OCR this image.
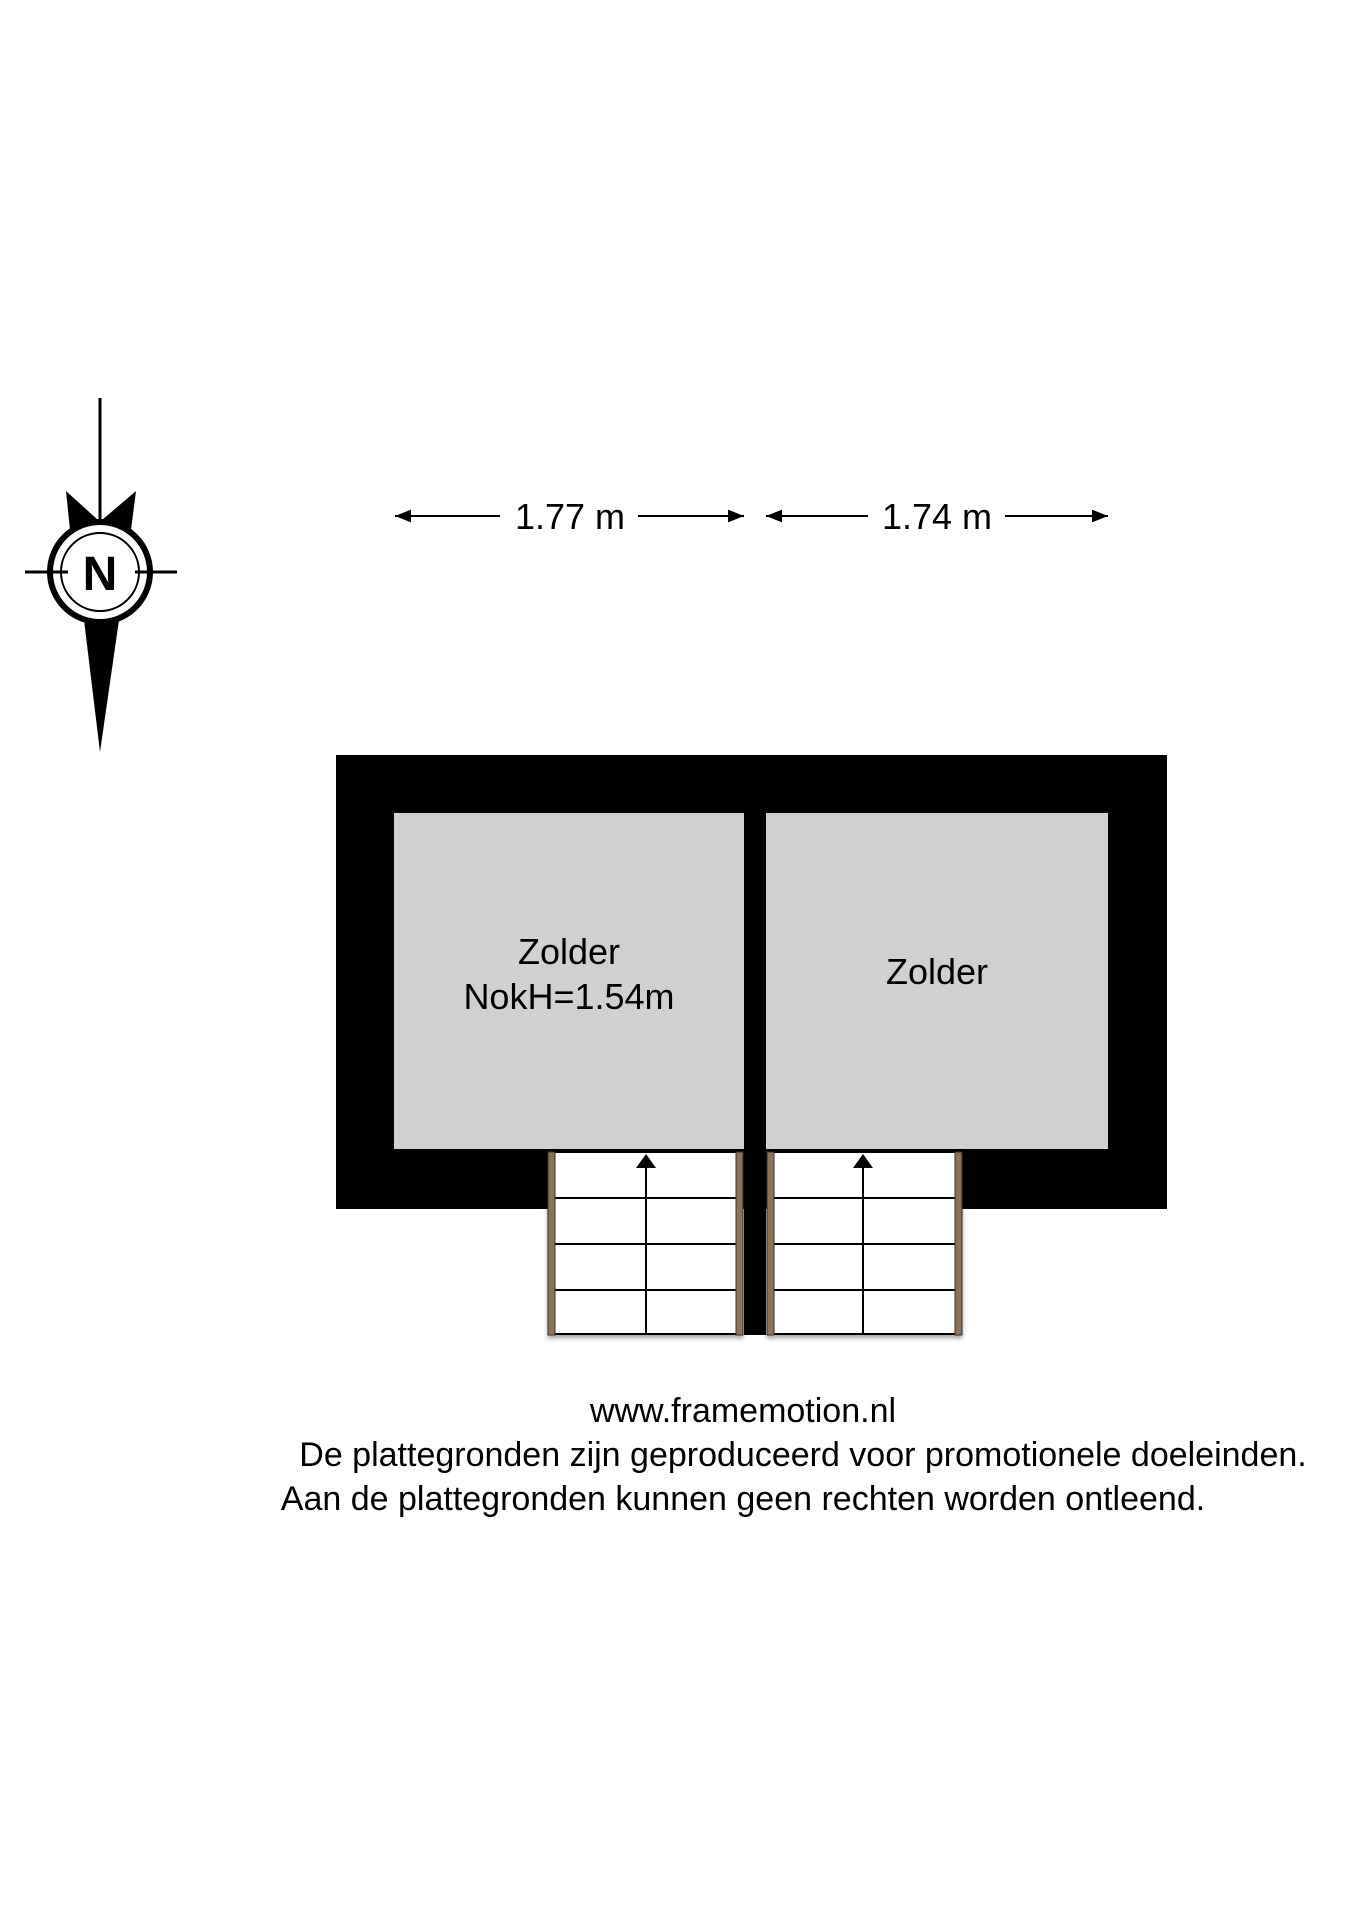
N
1.77 m	1.74 m
Zolder
NokH=1.54m
Zolder
www.framemotion.nl
De plattegronden zijn geproduceerd voor promotionele doeleinden.
Aan de plattegronden kunnen geen rechten worden ontleend.
